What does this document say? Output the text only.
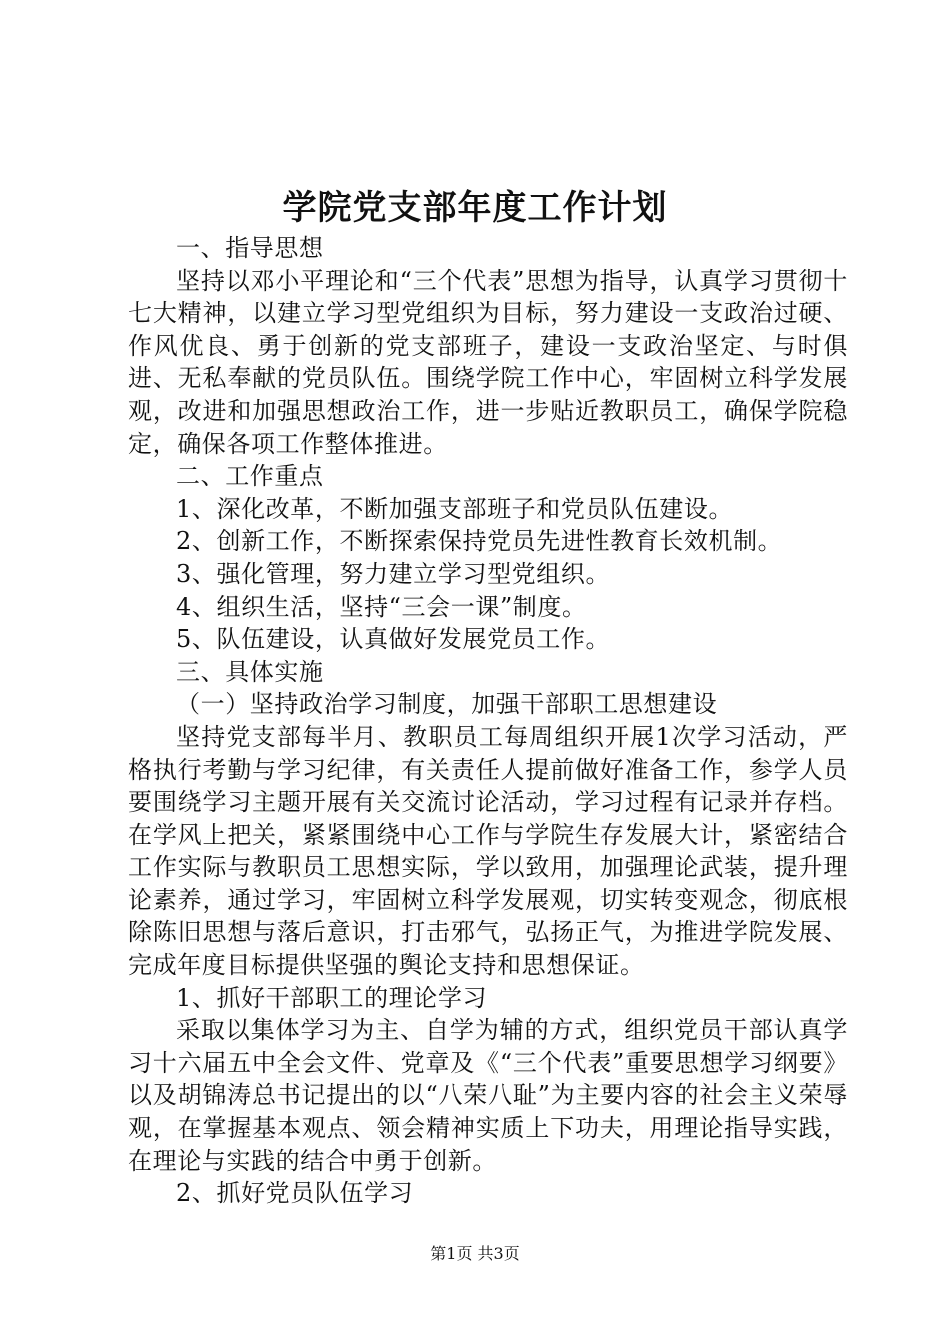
学院党支部年度工作计划

一、指导思想

坚持以邓小平理论和“三个代表”思想为指导，认真学习贯彻十七大精神，以建立学习型党组织为目标，努力建设一支政治过硬、作风优良、勇于创新的党支部班子，建设一支政治坚定、与时俱进、无私奉献的党员队伍。围绕学院工作中心，牢固树立科学发展观，改进和加强思想政治工作，进一步贴近教职员工，确保学院稳定，确保各项工作整体推进。

二、工作重点

1、深化改革，不断加强支部班子和党员队伍建设。

2、创新工作，不断探索保持党员先进性教育长效机制。

3、强化管理，努力建立学习型党组织。

4、组织生活，坚持“三会一课”制度。

5、队伍建设，认真做好发展党员工作。

三、具体实施

（一）坚持政治学习制度，加强干部职工思想建设

坚持党支部每半月、教职员工每周组织开展1次学习活动，严格执行考勤与学习纪律，有关责任人提前做好准备工作，参学人员要围绕学习主题开展有关交流讨论活动，学习过程有记录并存档。在学风上把关，紧紧围绕中心工作与学院生存发展大计，紧密结合工作实际与教职员工思想实际，学以致用，加强理论武装，提升理论素养，通过学习，牢固树立科学发展观，切实转变观念，彻底根除陈旧思想与落后意识，打击邪气，弘扬正气，为推进学院发展、完成年度目标提供坚强的舆论支持和思想保证。

1、抓好干部职工的理论学习

采取以集体学习为主、自学为辅的方式，组织党员干部认真学习十六届五中全会文件、党章及《“三个代表”重要思想学习纲要》以及胡锦涛总书记提出的以“八荣八耻”为主要内容的社会主义荣辱观，在掌握基本观点、领会精神实质上下功夫，用理论指导实践，在理论与实践的结合中勇于创新。

2、抓好党员队伍学习

第1页 共3页
